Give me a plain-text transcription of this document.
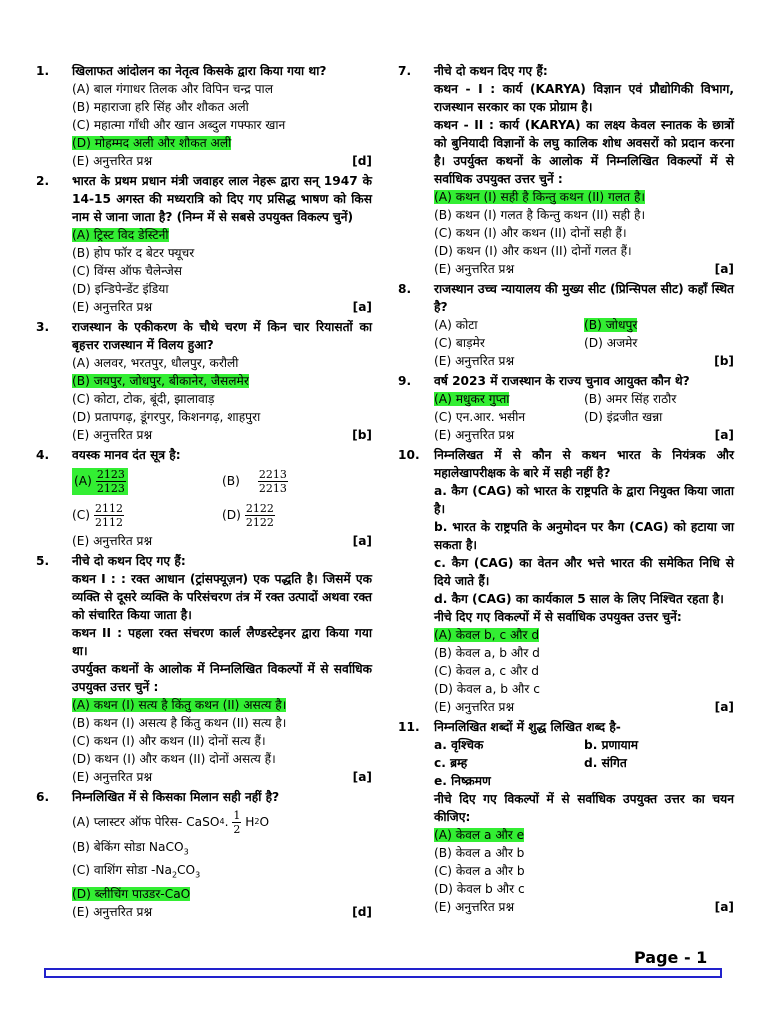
1. खिलाफत आंदोलन का नेतृत्व किसके द्वारा किया गया था?
(A) बाल गंगाधर तिलक और विपिन चन्द्र पाल
(B) महाराजा हरि सिंह और शौकत अली
(C) महात्मा गाँधी और खान अब्दुल गफ्फार खान
(D) मोहम्मद अली और शौकत अली
(E) अनुत्तरित प्रश्न	[d]
2. भारत के प्रथम प्रधान मंत्री जवाहर लाल नेहरू द्वारा सन् 1947 के 14-15 अगस्त की मध्यरात्रि को दिए गए प्रसिद्ध भाषण को किस नाम से जाना जाता है? (निम्न में से सबसे उपयुक्त विकल्प चुनें)
(A) ट्रिस्ट विद डेस्टिनी
(B) होप फॉर द बेटर फ्यूचर
(C) विंग्स ऑफ चैलेन्जेस
(D) इन्डिपेन्डेंट इंडिया
(E) अनुत्तरित प्रश्न	[a]
3. राजस्थान के एकीकरण के चौथे चरण में किन चार रियासतों का बृहत्तर राजस्थान में विलय हुआ?
(A) अलवर, भरतपुर, धौलपुर, करौली
(B) जयपुर, जोधपुर, बीकानेर, जैसलमेर
(C) कोटा, टोक, बूंदी, झालावाड़
(D) प्रतापगढ़, डूंगरपुर, किशनगढ़, शाहपुरा
(E) अनुत्तरित प्रश्न	[b]
4. वयस्क मानव दंत सूत्र है:
$(A) \frac{2123}{2123}$	$(B) \frac{2213}{2213}$
$(C) \frac{2112}{2112}$	$(D) \frac{2122}{2122}$
(E) अनुत्तरित प्रश्न	[a]
5. नीचे दो कथन दिए गए हैं:
कथन I : : रक्त आधान (ट्रांसफ्यूज़न) एक पद्धति है। जिसमें एक व्यक्ति से दूसरे व्यक्ति के परिसंचरण तंत्र में रक्त उत्पादों अथवा रक्त को संचारित किया जाता है।
कथन II : पहला रक्त संचरण कार्ल लैण्डस्टेइनर द्वारा किया गया था।
उपर्युक्त कथनों के आलोक में निम्नलिखित विकल्पों में से सर्वाधिक उपयुक्त उत्तर चुनें :
(A) कथन (I) सत्य है किंतु कथन (II) असत्य है।
(B) कथन (I) असत्य है किंतु कथन (II) सत्य है।
(C) कथन (I) और कथन (II) दोनों सत्य हैं।
(D) कथन (I) और कथन (II) दोनों असत्य हैं।
(E) अनुत्तरित प्रश्न	[a]
6. निम्नलिखित में से किसका मिलान सही नहीं है?
(A) प्लास्टर ऑफ पेरिस- CaSO 4 . $\frac{1}{2}$
H 2 O
(B) बेकिंग सोडा NaCO$_3$
(C) वाशिंग सोडा $-Na_2CO_3$
(D) ब्लीचिंग पाउडर-CaO
(E) अनुत्तरित प्रश्न	[d]
7. नीचे दो कथन दिए गए हैं:
कथन - I : कार्य (KARYA) विज्ञान एवं प्रौद्योगिकी विभाग, राजस्थान सरकार का एक प्रोग्राम है।
कथन - II : कार्य (KARYA) का लक्ष्य केवल स्नातक के छात्रों को बुनियादी विज्ञानों के लघु कालिक शोध अवसरों को प्रदान करना है। उपर्युक्त कथनों के आलोक में निम्नलिखित विकल्पों में से सर्वाधिक उपयुक्त उत्तर चुनें :
(A) कथन (I) सही है किन्तु कथन (II) गलत है।
(B) कथन (I) गलत है किन्तु कथन (II) सही है।
(C) कथन (I) और कथन (II) दोनों सही हैं।
(D) कथन (I) और कथन (II) दोनों गलत हैं।
(E) अनुत्तरित प्रश्न	[a]
8. राजस्थान उच्च न्यायालय की मुख्य सीट (प्रिन्सिपल सीट) कहाँ स्थित है?
(A) कोटा	(B) जोधपुर
(C) बाड़मेर	(D) अजमेर
(E) अनुत्तरित प्रश्न	[b]
9. वर्ष 2023 में राजस्थान के राज्य चुनाव आयुक्त कौन थे?
(A) मधुकर गुप्ता	(B) अमर सिंह राठौर
(C) एन.आर. भसीन	(D) इंद्रजीत खन्ना
(E) अनुत्तरित प्रश्न	[a]
10. निम्नलिखत में से कौन से कथन भारत के नियंत्रक और महालेखापरीक्षक के बारे में सही नहीं है?
a. कैग (CAG) को भारत के राष्ट्रपति के द्वारा नियुक्त किया जाता है।
b. भारत के राष्ट्रपति के अनुमोदन पर कैग (CAG) को हटाया जा सकता है।
c. कैग (CAG) का वेतन और भत्ते भारत की समेकित निधि से दिये जाते हैं।
d. कैग (CAG) का कार्यकाल 5 साल के लिए निश्चित रहता है।
नीचे दिए गए विकल्पों में से सर्वाधिक उपयुक्त उत्तर चुनें:
(A) केवल b, c और d
(B) केवल a, b और d
(C) केवल a, c और d
(D) केवल a, b और c
(E) अनुत्तरित प्रश्न	[a]
11. निम्नलिखित शब्दों में शुद्ध लिखित शब्द है-
a. वृश्चिक	b. प्रणायाम
c. ब्रम्ह	d. संगित
e. निष्क्रमण
नीचे दिए गए विकल्पों में से सर्वाधिक उपयुक्त उत्तर का चयन कीजिए:
(A) केवल a और e
(B) केवल a और b
(C) केवल a और b
(D) केवल b और c
(E) अनुत्तरित प्रश्न	[a]
Page - 1
